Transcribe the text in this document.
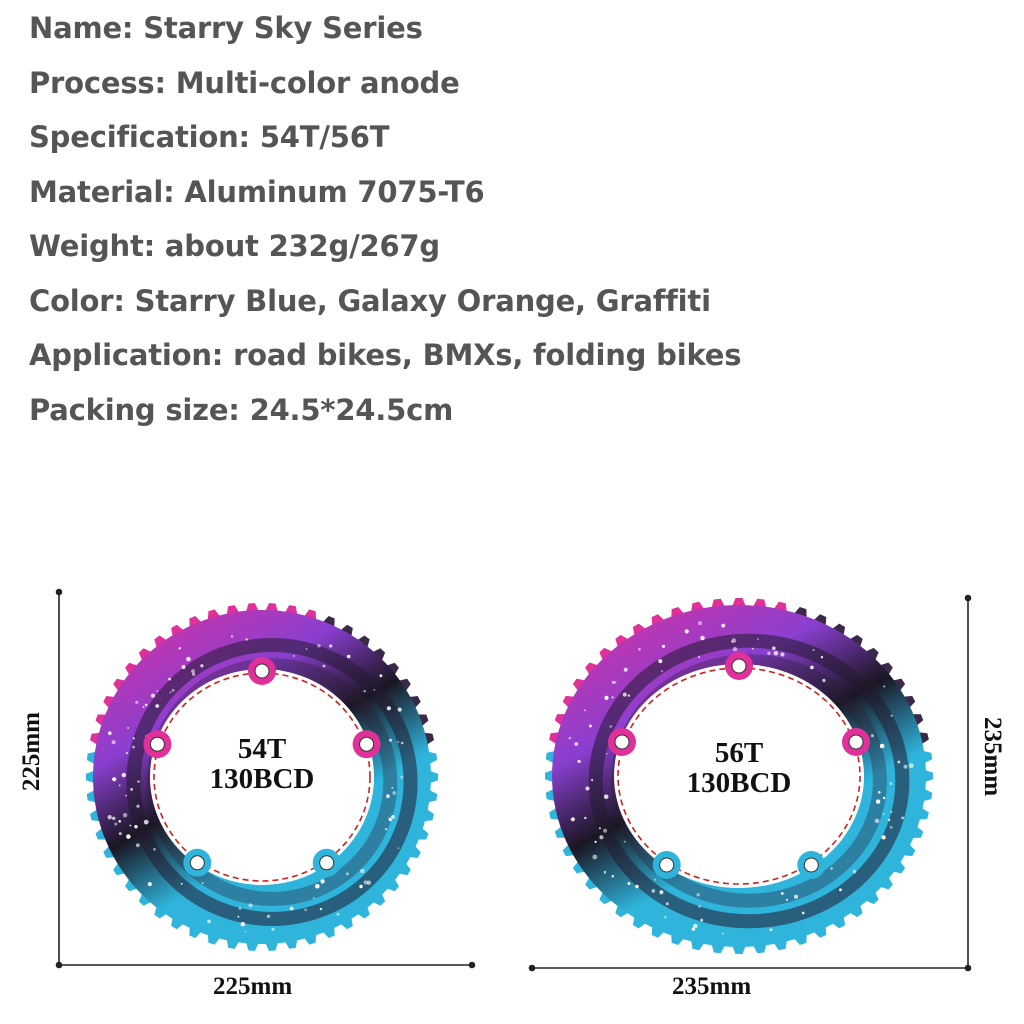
Name: Starry Sky Series
Process: Multi-color anode
Specification: 54T/56T
Material: Aluminum 7075-T6
Weight: about 232g/267g
Color: Starry Blue, Galaxy Orange, Graffiti
Application: road bikes, BMXs, folding bikes
Packing size: 24.5*24.5cm
225mm
225mm
235mm
235mm
54T
130BCD
56T
130BCD
